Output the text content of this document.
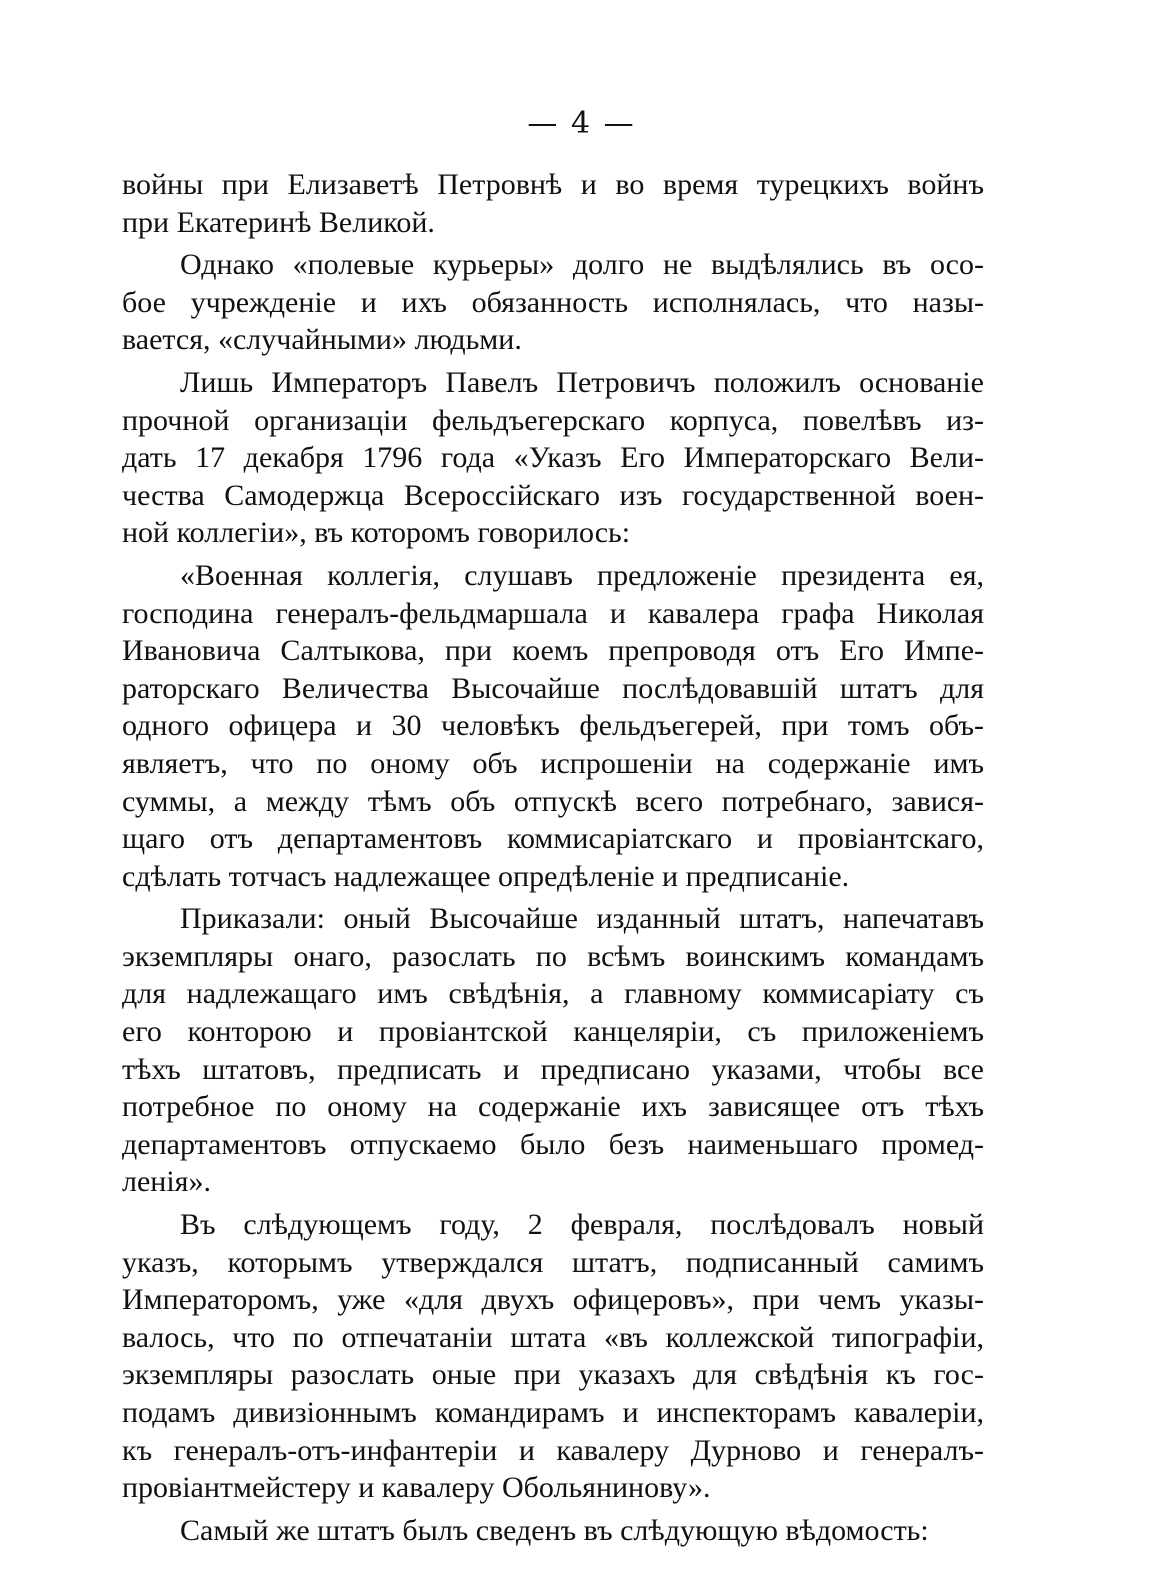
— 4 —
войны при Елизаветѣ Петровнѣ и во время турецкихъ войнъ
при Екатеринѣ Великой.
Однако «полевые курьеры» долго не выдѣлялись въ осо-
бое учрежденіе и ихъ обязанность исполнялась, что назы-
вается, «случайными» людьми.
Лишь Императоръ Павелъ Петровичъ положилъ основаніе
прочной организаціи фельдъегерскаго корпуса, повелѣвъ из-
дать 17 декабря 1796 года «Указъ Его Императорскаго Вели-
чества Самодержца Всероссійскаго изъ государственной воен-
ной коллегіи», въ которомъ говорилось:
«Военная коллегія, слушавъ предложеніе президента ея,
господина генералъ-фельдмаршала и кавалера графа Николая
Ивановича Салтыкова, при коемъ препроводя отъ Его Импе-
раторскаго Величества Высочайше послѣдовавшій штатъ для
одного офицера и 30 человѣкъ фельдъегерей, при томъ объ-
являетъ, что по оному объ испрошеніи на содержаніе имъ
суммы, а между тѣмъ объ отпускѣ всего потребнаго, завися-
щаго отъ департаментовъ коммисаріатскаго и провіантскаго,
сдѣлать тотчасъ надлежащее опредѣленіе и предписаніе.
Приказали: оный Высочайше изданный штатъ, напечатавъ
экземпляры онаго, разослать по всѣмъ воинскимъ командамъ
для надлежащаго имъ свѣдѣнія, а главному коммисаріату съ
его конторою и провіантской канцеляріи, съ приложеніемъ
тѣхъ штатовъ, предписать и предписано указами, чтобы все
потребное по оному на содержаніе ихъ зависящее отъ тѣхъ
департаментовъ отпускаемо было безъ наименьшаго промед-
ленія».
Въ слѣдующемъ году, 2 февраля, послѣдовалъ новый
указъ, которымъ утверждался штатъ, подписанный самимъ
Императоромъ, уже «для двухъ офицеровъ», при чемъ указы-
валось, что по отпечатаніи штата «въ коллежской типографіи,
экземпляры разослать оные при указахъ для свѣдѣнія къ гос-
подамъ дивизіоннымъ командирамъ и инспекторамъ кавалеріи,
къ генералъ-отъ-инфантеріи и кавалеру Дурново и генералъ-
провіантмейстеру и кавалеру Обольянинову».
Самый же штатъ былъ сведенъ въ слѣдующую вѣдомость:
